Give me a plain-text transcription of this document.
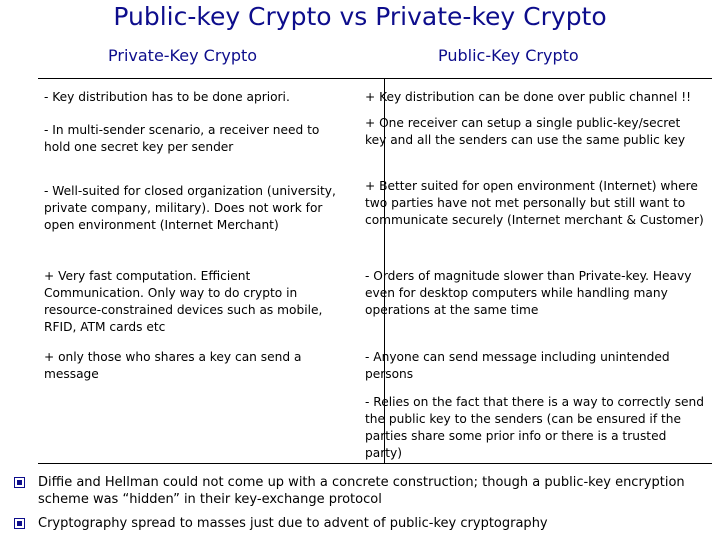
Public-key Crypto vs Private-key Crypto
Private-Key Crypto	Public-Key Crypto
- Key distribution has to be done apriori.	+ Key distribution can be done over public channel !!
- In multi-sender scenario, a receiver need to hold one secret key per sender
+ One receiver can setup a single public-key/secret key and all the senders can use the same public key
- Well-suited for closed organization (university, private company, military). Does not work for open environment (Internet Merchant)
+ Better suited for open environment (Internet) where two parties have not met personally but still want to communicate securely (Internet merchant & Customer)
+ Very fast computation. Efficient Communication. Only way to do crypto in resource-constrained devices such as mobile, RFID, ATM cards etc
- Orders of magnitude slower than Private-key. Heavy even for desktop computers while handling many operations at the same time
+ only those who shares a key can send a message
- Anyone can send message including unintended persons
- Relies on the fact that there is a way to correctly send the public key to the senders (can be ensured if the parties share some prior info or there is a trusted party)
Diffie and Hellman could not come up with a concrete construction; though a public-key encryption scheme was “hidden” in their key-exchange protocol
Cryptography spread to masses just due to advent of public-key cryptography
